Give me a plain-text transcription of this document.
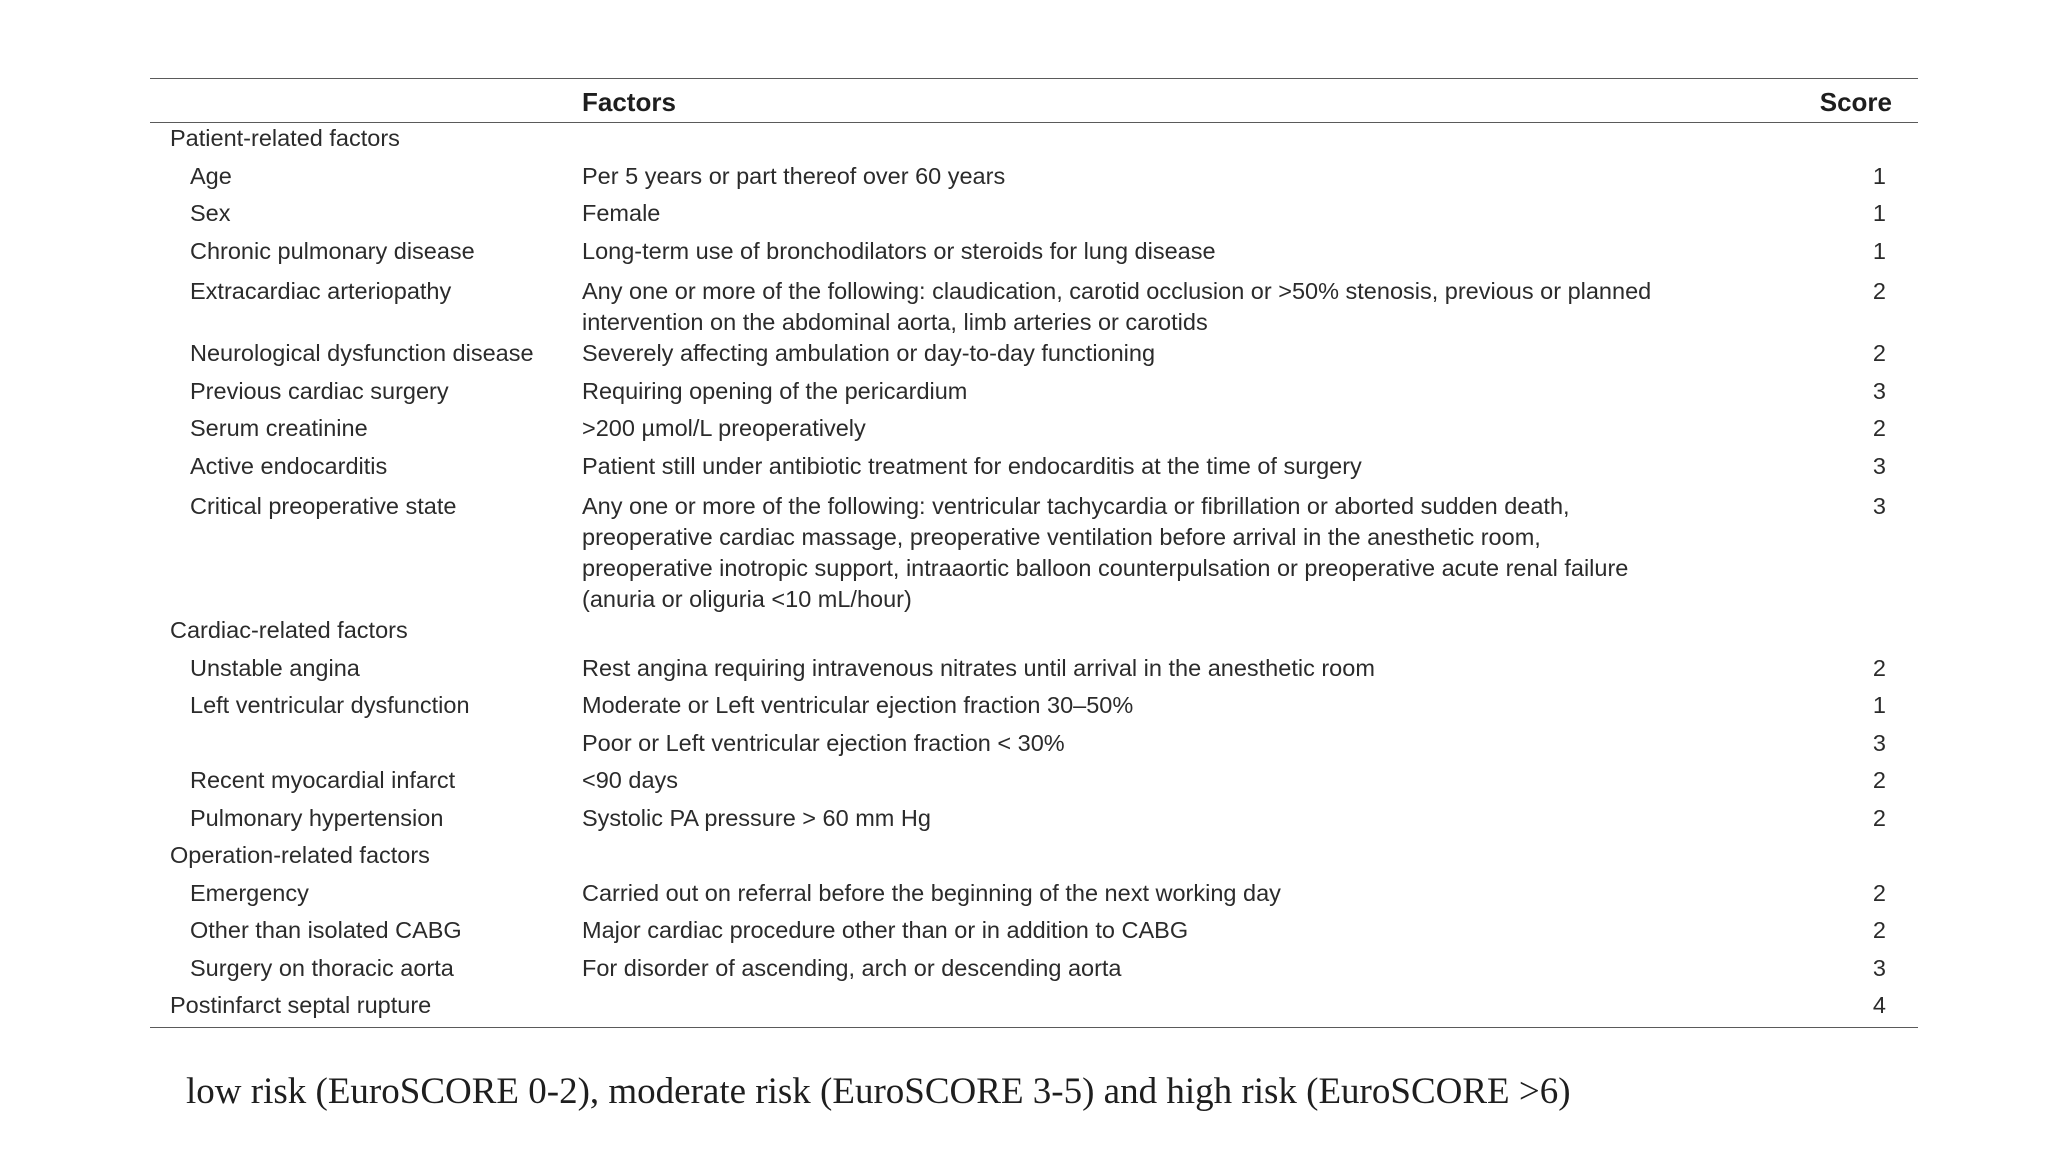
	Factors	Score
Patient-related factors		
Age	Per 5 years or part thereof over 60 years	1
Sex	Female	1
Chronic pulmonary disease	Long-term use of bronchodilators or steroids for lung disease	1
Extracardiac arteriopathy	Any one or more of the following: claudication, carotid occlusion or >50% stenosis, previous or planned
intervention on the abdominal aorta, limb arteries or carotids	2
Neurological dysfunction disease	Severely affecting ambulation or day-to-day functioning	2
Previous cardiac surgery	Requiring opening of the pericardium	3
Serum creatinine	>200 µmol/L preoperatively	2
Active endocarditis	Patient still under antibiotic treatment for endocarditis at the time of surgery	3
Critical preoperative state	Any one or more of the following: ventricular tachycardia or fibrillation or aborted sudden death,
preoperative cardiac massage, preoperative ventilation before arrival in the anesthetic room,
preoperative inotropic support, intraaortic balloon counterpulsation or preoperative acute renal failure
(anuria or oliguria <10 mL/hour)	3
Cardiac-related factors		
Unstable angina	Rest angina requiring intravenous nitrates until arrival in the anesthetic room	2
Left ventricular dysfunction	Moderate or Left ventricular ejection fraction 30–50%	1
	Poor or Left ventricular ejection fraction < 30%	3
Recent myocardial infarct	<90 days	2
Pulmonary hypertension	Systolic PA pressure > 60 mm Hg	2
Operation-related factors		
Emergency	Carried out on referral before the beginning of the next working day	2
Other than isolated CABG	Major cardiac procedure other than or in addition to CABG	2
Surgery on thoracic aorta	For disorder of ascending, arch or descending aorta	3
Postinfarct septal rupture		4
low risk (EuroSCORE 0-2), moderate risk (EuroSCORE 3-5) and high risk (EuroSCORE >6)
